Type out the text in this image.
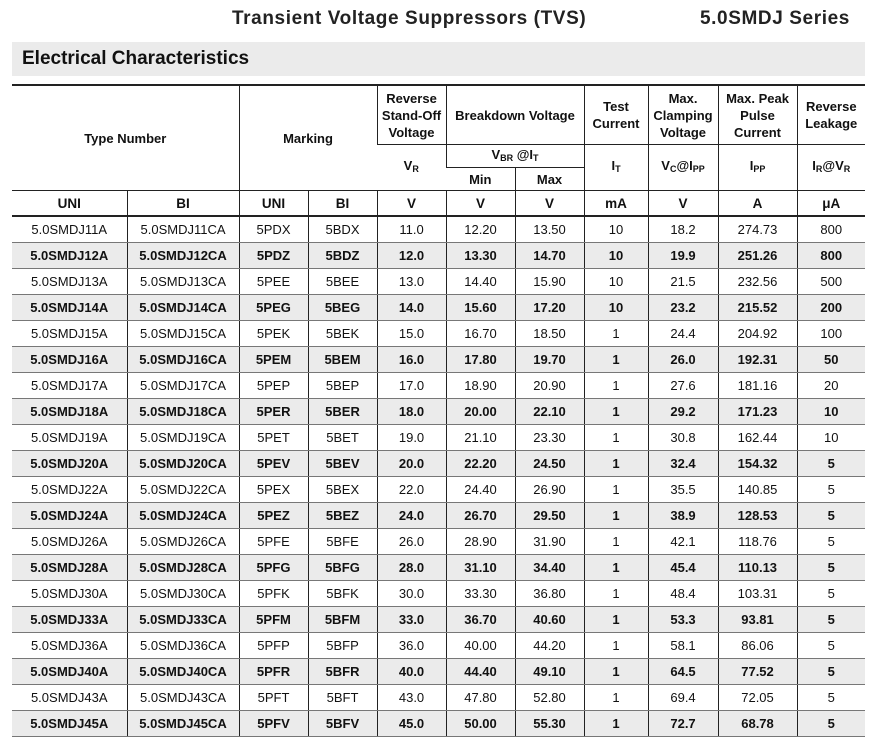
Transient Voltage Suppressors (TVS)	5.0SMDJ Series
Electrical Characteristics
Type Number		Marking		Reverse Stand-Off Voltage	Breakdown Voltage		Test Current	Max. Clamping Voltage	Max. Peak Pulse Current	Reverse Leakage
				$V_R$	$V_{BR}$ $@I_T$		$I_T$	$V_C@I_{PP}$	$I_{PP}$	$I_R@V_R$
					Min	Max				
UNI	BI	UNI	BI	V	V	V	mA	V	A	μA
5.0SMDJ11A	5.0SMDJ11CA	5PDX	5BDX	11.0	12.20	13.50	10	18.2	274.73	800
5.0SMDJ12A	5.0SMDJ12CA	5PDZ	5BDZ	12.0	13.30	14.70	10	19.9	251.26	800
5.0SMDJ13A	5.0SMDJ13CA	5PEE	5BEE	13.0	14.40	15.90	10	21.5	232.56	500
5.0SMDJ14A	5.0SMDJ14CA	5PEG	5BEG	14.0	15.60	17.20	10	23.2	215.52	200
5.0SMDJ15A	5.0SMDJ15CA	5PEK	5BEK	15.0	16.70	18.50	1	24.4	204.92	100
5.0SMDJ16A	5.0SMDJ16CA	5PEM	5BEM	16.0	17.80	19.70	1	26.0	192.31	50
5.0SMDJ17A	5.0SMDJ17CA	5PEP	5BEP	17.0	18.90	20.90	1	27.6	181.16	20
5.0SMDJ18A	5.0SMDJ18CA	5PER	5BER	18.0	20.00	22.10	1	29.2	171.23	10
5.0SMDJ19A	5.0SMDJ19CA	5PET	5BET	19.0	21.10	23.30	1	30.8	162.44	10
5.0SMDJ20A	5.0SMDJ20CA	5PEV	5BEV	20.0	22.20	24.50	1	32.4	154.32	5
5.0SMDJ22A	5.0SMDJ22CA	5PEX	5BEX	22.0	24.40	26.90	1	35.5	140.85	5
5.0SMDJ24A	5.0SMDJ24CA	5PEZ	5BEZ	24.0	26.70	29.50	1	38.9	128.53	5
5.0SMDJ26A	5.0SMDJ26CA	5PFE	5BFE	26.0	28.90	31.90	1	42.1	118.76	5
5.0SMDJ28A	5.0SMDJ28CA	5PFG	5BFG	28.0	31.10	34.40	1	45.4	110.13	5
5.0SMDJ30A	5.0SMDJ30CA	5PFK	5BFK	30.0	33.30	36.80	1	48.4	103.31	5
5.0SMDJ33A	5.0SMDJ33CA	5PFM	5BFM	33.0	36.70	40.60	1	53.3	93.81	5
5.0SMDJ36A	5.0SMDJ36CA	5PFP	5BFP	36.0	40.00	44.20	1	58.1	86.06	5
5.0SMDJ40A	5.0SMDJ40CA	5PFR	5BFR	40.0	44.40	49.10	1	64.5	77.52	5
5.0SMDJ43A	5.0SMDJ43CA	5PFT	5BFT	43.0	47.80	52.80	1	69.4	72.05	5
5.0SMDJ45A	5.0SMDJ45CA	5PFV	5BFV	45.0	50.00	55.30	1	72.7	68.78	5
